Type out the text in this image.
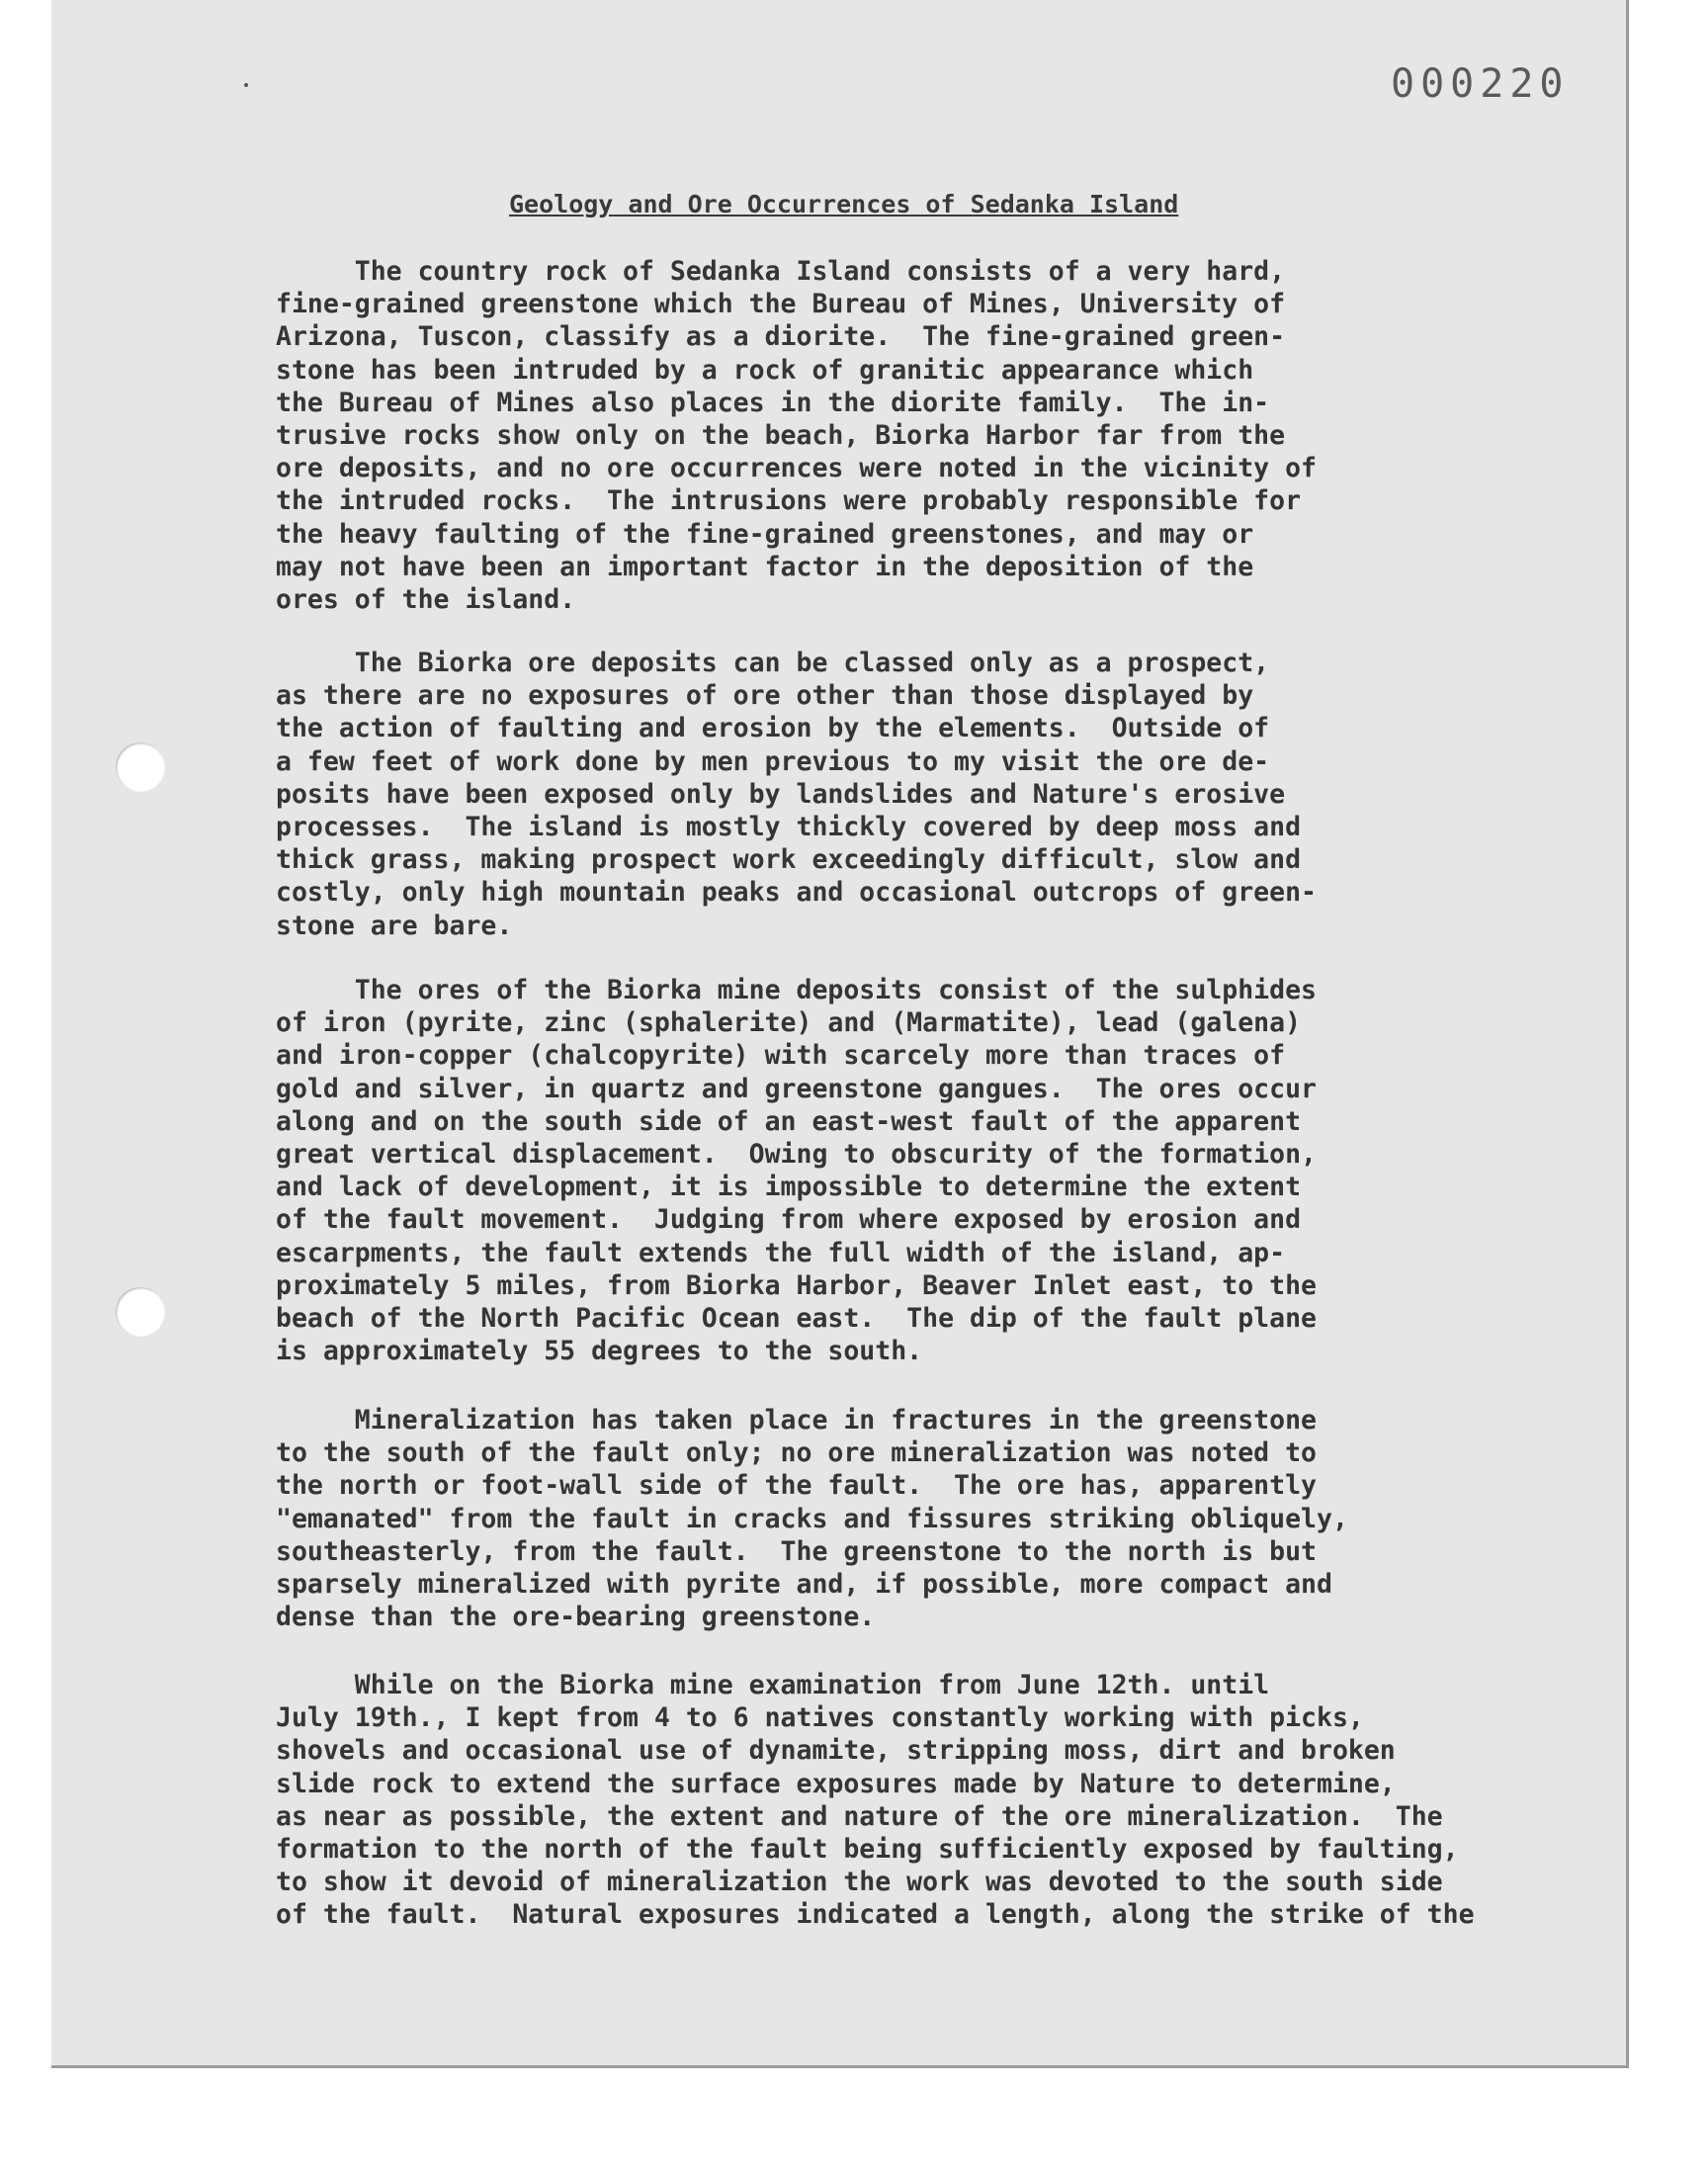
000220

Geology and Ore Occurrences of Sedanka Island

The country rock of Sedanka Island consists of a very hard,
fine-grained greenstone which the Bureau of Mines, University of
Arizona, Tuscon, classify as a diorite.  The fine-grained green-
stone has been intruded by a rock of granitic appearance which
the Bureau of Mines also places in the diorite family.  The in-
trusive rocks show only on the beach, Biorka Harbor far from the
ore deposits, and no ore occurrences were noted in the vicinity of
the intruded rocks.  The intrusions were probably responsible for
the heavy faulting of the fine-grained greenstones, and may or
may not have been an important factor in the deposition of the
ores of the island.

The Biorka ore deposits can be classed only as a prospect,
as there are no exposures of ore other than those displayed by
the action of faulting and erosion by the elements.  Outside of
a few feet of work done by men previous to my visit the ore de-
posits have been exposed only by landslides and Nature's erosive
processes.  The island is mostly thickly covered by deep moss and
thick grass, making prospect work exceedingly difficult, slow and
costly, only high mountain peaks and occasional outcrops of green-
stone are bare.

The ores of the Biorka mine deposits consist of the sulphides
of iron (pyrite, zinc (sphalerite) and (Marmatite), lead (galena)
and iron-copper (chalcopyrite) with scarcely more than traces of
gold and silver, in quartz and greenstone gangues.  The ores occur
along and on the south side of an east-west fault of the apparent
great vertical displacement.  Owing to obscurity of the formation,
and lack of development, it is impossible to determine the extent
of the fault movement.  Judging from where exposed by erosion and
escarpments, the fault extends the full width of the island, ap-
proximately 5 miles, from Biorka Harbor, Beaver Inlet east, to the
beach of the North Pacific Ocean east.  The dip of the fault plane
is approximately 55 degrees to the south.

Mineralization has taken place in fractures in the greenstone
to the south of the fault only; no ore mineralization was noted to
the north or foot-wall side of the fault.  The ore has, apparently
"emanated" from the fault in cracks and fissures striking obliquely,
southeasterly, from the fault.  The greenstone to the north is but
sparsely mineralized with pyrite and, if possible, more compact and
dense than the ore-bearing greenstone.

While on the Biorka mine examination from June 12th. until
July 19th., I kept from 4 to 6 natives constantly working with picks,
shovels and occasional use of dynamite, stripping moss, dirt and broken
slide rock to extend the surface exposures made by Nature to determine,
as near as possible, the extent and nature of the ore mineralization.  The
formation to the north of the fault being sufficiently exposed by faulting,
to show it devoid of mineralization the work was devoted to the south side
of the fault.  Natural exposures indicated a length, along the strike of the
